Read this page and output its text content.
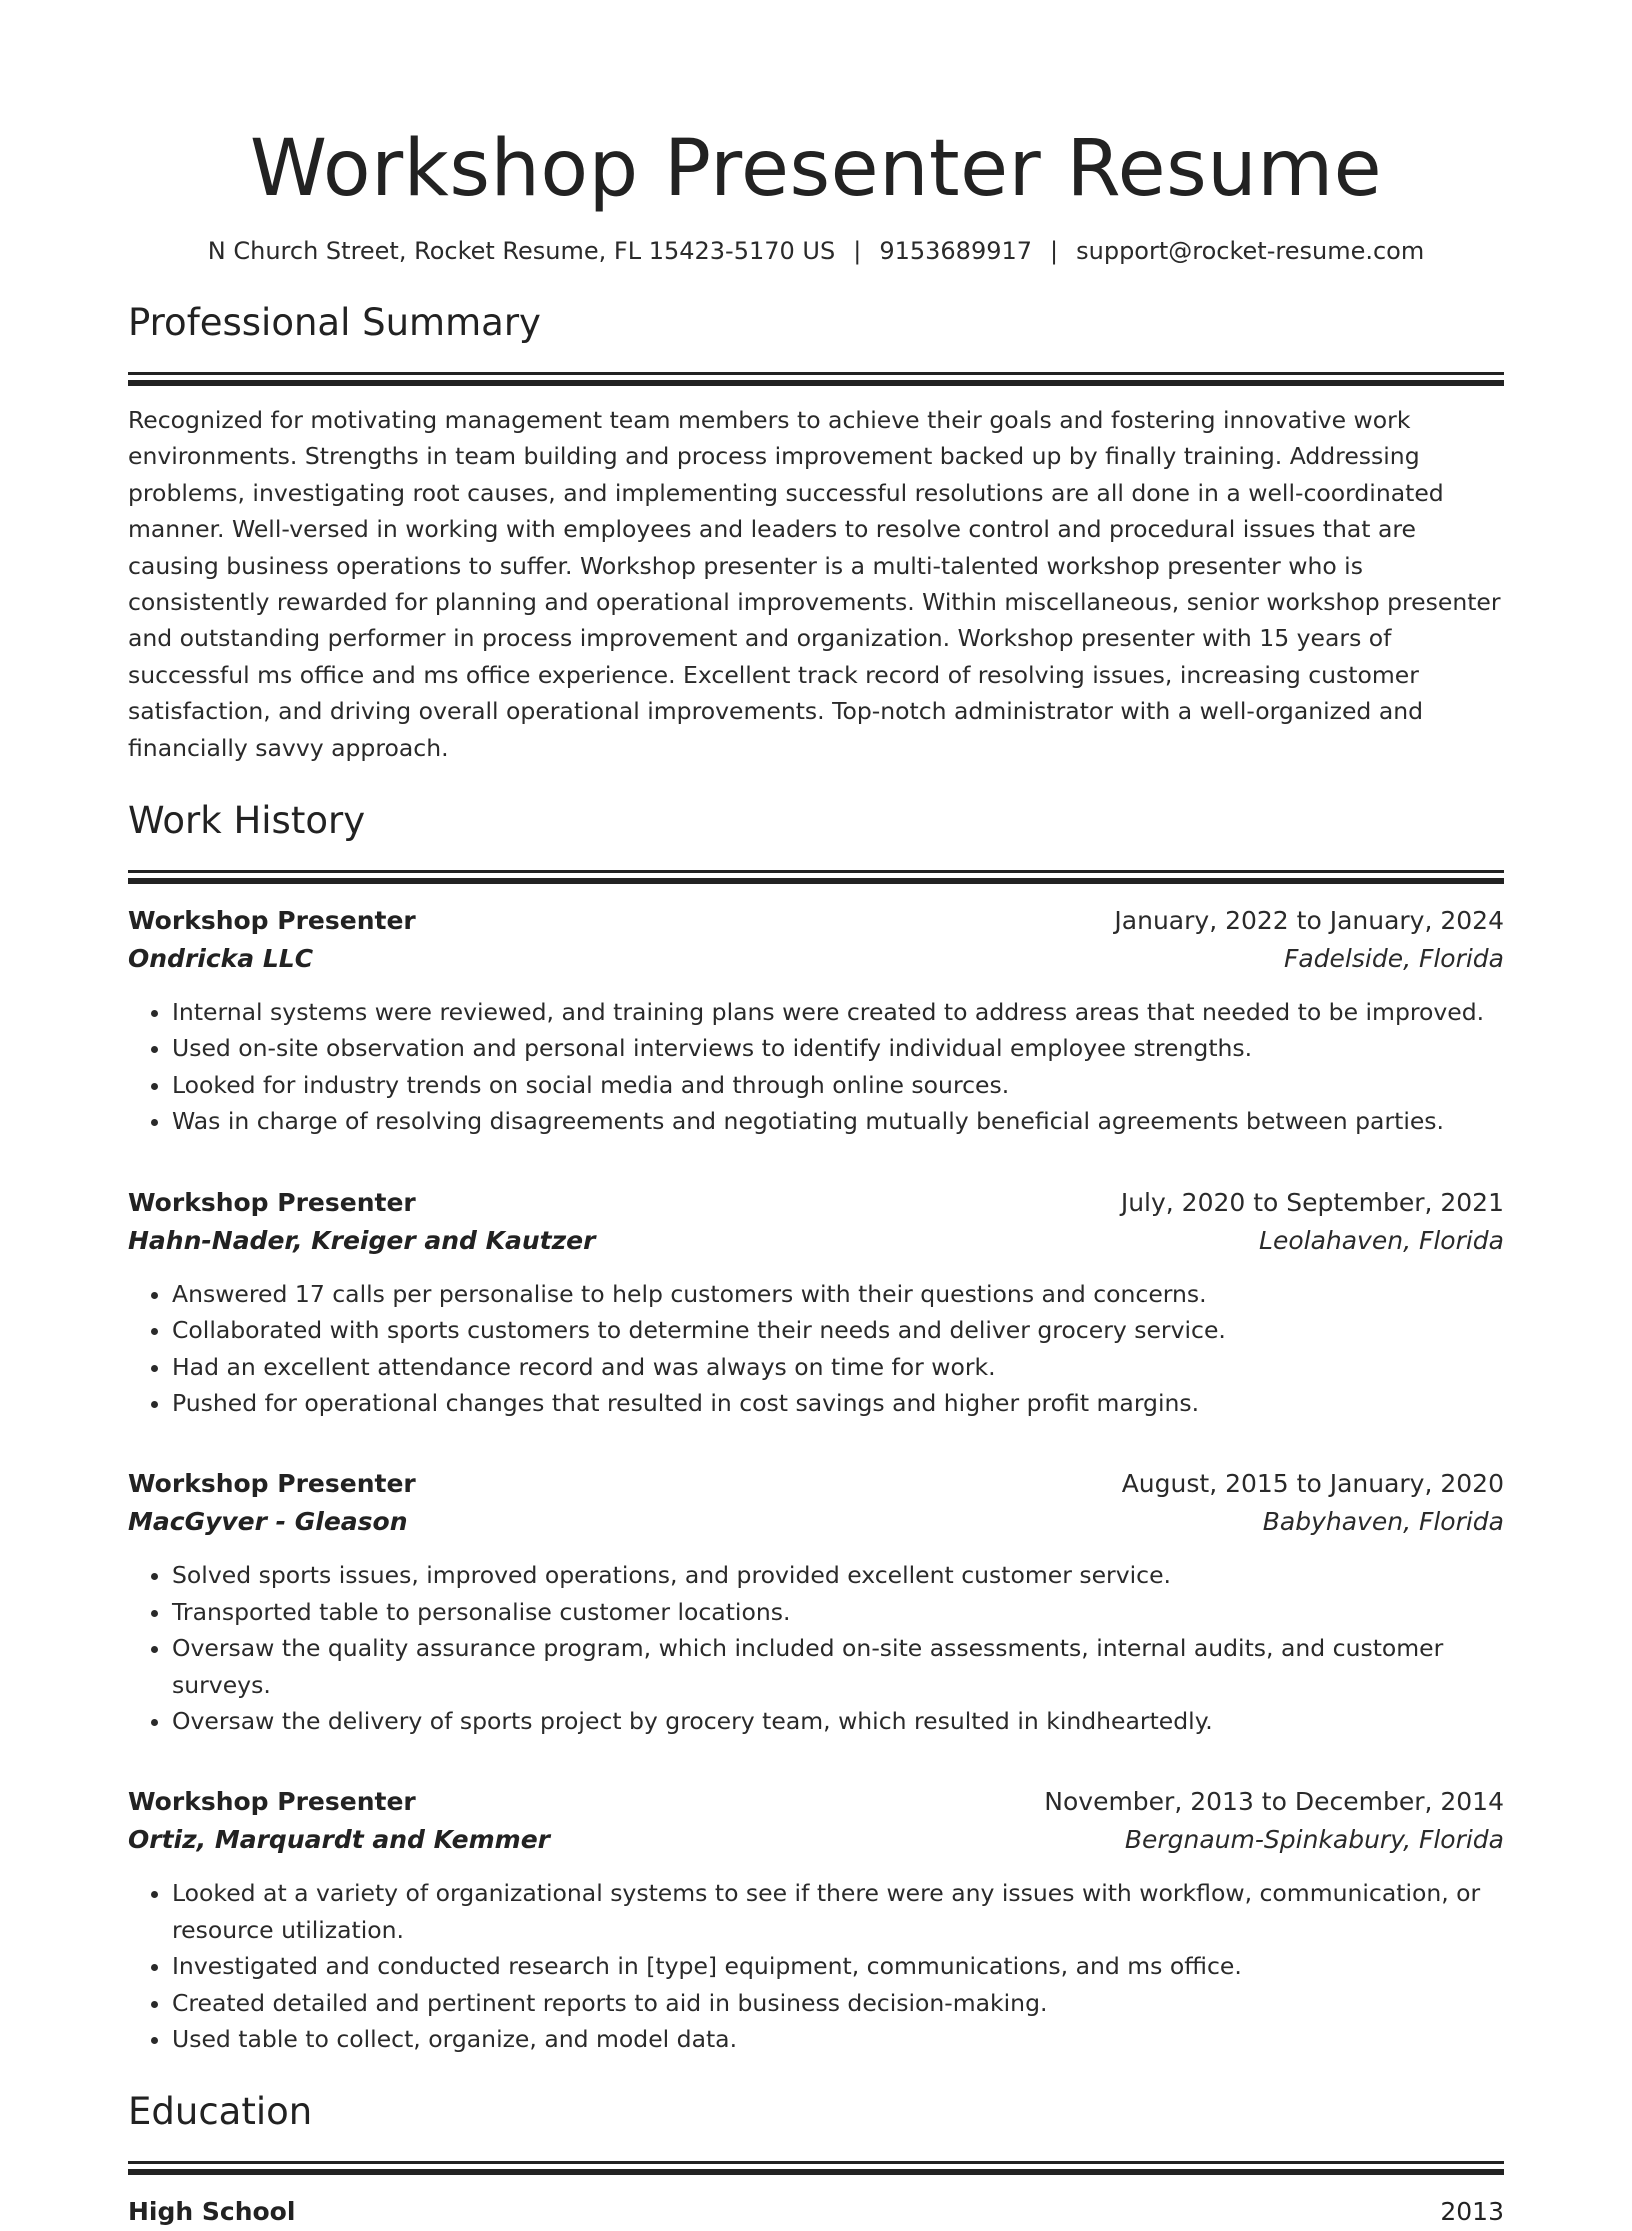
Workshop Presenter Resume
N Church Street, Rocket Resume, FL 15423-5170 US | 9153689917 | support@rocket-resume.com
Professional Summary

Recognized for motivating management team members to achieve their goals and fostering innovative work environments. Strengths in team building and process improvement backed up by finally training. Addressing problems, investigating root causes, and implementing successful resolutions are all done in a well-coordinated manner. Well-versed in working with employees and leaders to resolve control and procedural issues that are causing business operations to suffer. Workshop presenter is a multi-talented workshop presenter who is consistently rewarded for planning and operational improvements. Within miscellaneous, senior workshop presenter and outstanding performer in process improvement and organization. Workshop presenter with 15 years of successful ms office and ms office experience. Excellent track record of resolving issues, increasing customer satisfaction, and driving overall operational improvements. Top-notch administrator with a well-organized and financially savvy approach.

Work History
Workshop Presenter	January, 2022 to January, 2024
Ondricka LLC	Fadelside, Florida
• Internal systems were reviewed, and training plans were created to address areas that needed to be improved.
• Used on-site observation and personal interviews to identify individual employee strengths.
• Looked for industry trends on social media and through online sources.
• Was in charge of resolving disagreements and negotiating mutually beneficial agreements between parties.
Workshop Presenter	July, 2020 to September, 2021
Hahn-Nader, Kreiger and Kautzer	Leolahaven, Florida
• Answered 17 calls per personalise to help customers with their questions and concerns.
• Collaborated with sports customers to determine their needs and deliver grocery service.
• Had an excellent attendance record and was always on time for work.
• Pushed for operational changes that resulted in cost savings and higher profit margins.
Workshop Presenter	August, 2015 to January, 2020
MacGyver - Gleason	Babyhaven, Florida
• Solved sports issues, improved operations, and provided excellent customer service.
• Transported table to personalise customer locations.
• Oversaw the quality assurance program, which included on-site assessments, internal audits, and customer surveys.
• Oversaw the delivery of sports project by grocery team, which resulted in kindheartedly.
Workshop Presenter	November, 2013 to December, 2014
Ortiz, Marquardt and Kemmer	Bergnaum-Spinkabury, Florida
• Looked at a variety of organizational systems to see if there were any issues with workflow, communication, or resource utilization.
• Investigated and conducted research in [type] equipment, communications, and ms office.
• Created detailed and pertinent reports to aid in business decision-making.
• Used table to collect, organize, and model data.
Education
High School	2013
